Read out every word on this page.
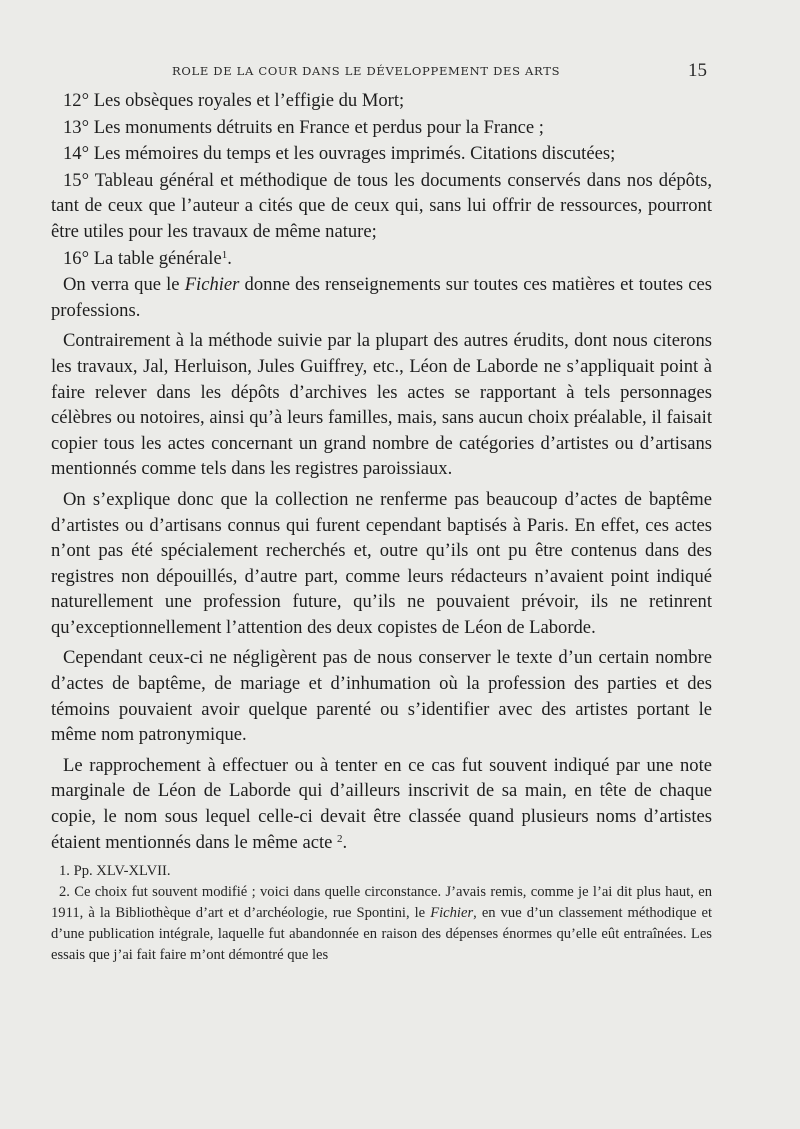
ROLE DE LA COUR DANS LE DÉVELOPPEMENT DES ARTS	15

12° Les obsèques royales et l’effigie du Mort;

13° Les monuments détruits en France et perdus pour la France ;

14° Les mémoires du temps et les ouvrages imprimés. Citations discutées;

15° Tableau général et méthodique de tous les documents conservés dans nos dépôts, tant de ceux que l’auteur a cités que de ceux qui, sans lui offrir de ressources, pourront être utiles pour les travaux de même nature;

16° La table générale$^1$.

On verra que le Fichier donne des renseignements sur toutes ces matières et toutes ces professions.

Contrairement à la méthode suivie par la plupart des autres érudits, dont nous citerons les travaux, Jal, Herluison, Jules Guiffrey, etc., Léon de Laborde ne s’appliquait point à faire relever dans les dépôts d’archives les actes se rapportant à tels personnages célèbres ou notoires, ainsi qu’à leurs familles, mais, sans aucun choix préalable, il faisait copier tous les actes concernant un grand nombre de catégories d’artistes ou d’artisans mentionnés comme tels dans les registres paroissiaux.

On s’explique donc que la collection ne renferme pas beaucoup d’actes de baptême d’artistes ou d’artisans connus qui furent cependant baptisés à Paris. En effet, ces actes n’ont pas été spécialement recherchés et, outre qu’ils ont pu être contenus dans des registres non dépouillés, d’autre part, comme leurs rédacteurs n’avaient point indiqué naturellement une profession future, qu’ils ne pouvaient prévoir, ils ne retinrent qu’exceptionnellement l’attention des deux copistes de Léon de Laborde.

Cependant ceux-ci ne négligèrent pas de nous conserver le texte d’un certain nombre d’actes de baptême, de mariage et d’inhumation où la profession des parties et des témoins pouvaient avoir quelque parenté ou s’identifier avec des artistes portant le même nom patronymique.

Le rapprochement à effectuer ou à tenter en ce cas fut souvent indiqué par une note marginale de Léon de Laborde qui d’ailleurs inscrivit de sa main, en tête de chaque copie, le nom sous lequel celle-ci devait être classée quand plusieurs noms d’artistes étaient mentionnés dans le même acte $^2$.

1. Pp. XLV-XLVII.

2. Ce choix fut souvent modifié ; voici dans quelle circonstance. J’avais remis, comme je l’ai dit plus haut, en 1911, à la Bibliothèque d’art et d’archéologie, rue Spontini, le Fichier, en vue d’un classement méthodique et d’une publication intégrale, laquelle fut abandonnée en raison des dépenses énormes qu’elle eût entraînées. Les essais que j’ai fait faire m’ont démontré que les
